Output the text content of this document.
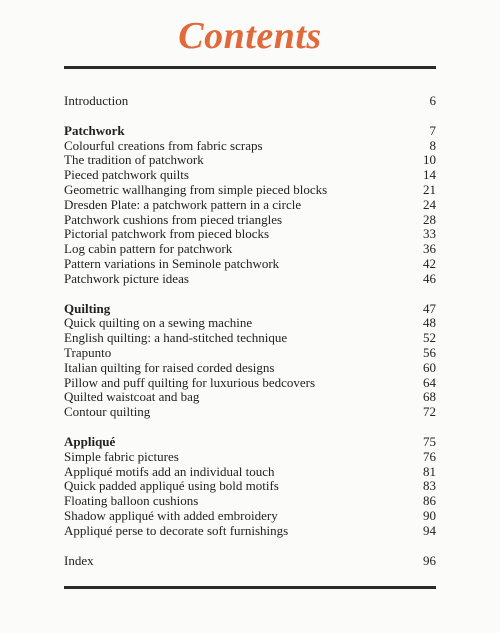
Contents
Introduction	6
Patchwork	7
Colourful creations from fabric scraps	8
The tradition of patchwork	10
Pieced patchwork quilts	14
Geometric wallhanging from simple pieced blocks	21
Dresden Plate: a patchwork pattern in a circle	24
Patchwork cushions from pieced triangles	28
Pictorial patchwork from pieced blocks	33
Log cabin pattern for patchwork	36
Pattern variations in Seminole patchwork	42
Patchwork picture ideas	46
Quilting	47
Quick quilting on a sewing machine	48
English quilting: a hand-stitched technique	52
Trapunto	56
Italian quilting for raised corded designs	60
Pillow and puff quilting for luxurious bedcovers	64
Quilted waistcoat and bag	68
Contour quilting	72
Appliqué	75
Simple fabric pictures	76
Appliqué motifs add an individual touch	81
Quick padded appliqué using bold motifs	83
Floating balloon cushions	86
Shadow appliqué with added embroidery	90
Appliqué perse to decorate soft furnishings	94
Index	96
